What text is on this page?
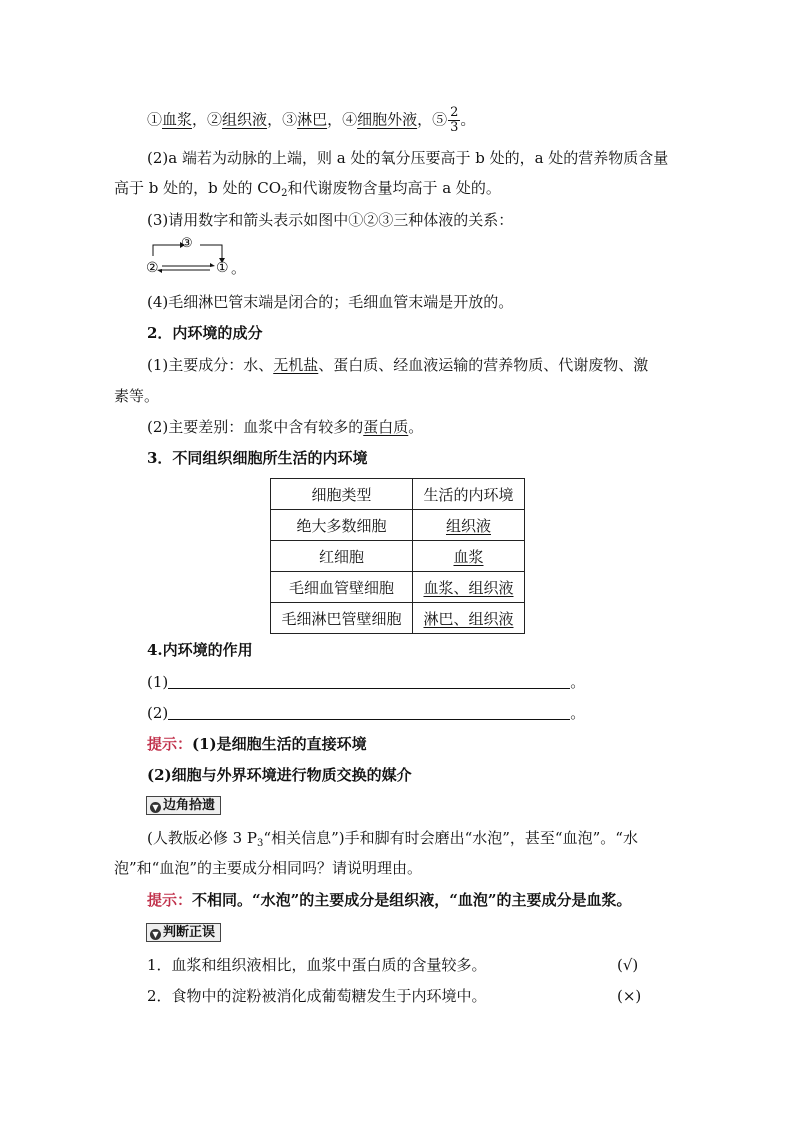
①血浆，②组织液，③淋巴，④细胞外液，⑤ $\frac{2}{3}$ 。
(2)a 端若为动脉的上端，则 a 处的氧分压要高于 b 处的，a 处的营养物质含量
高于 b 处的，b 处的 $CO_2$和代谢废物含量均高于 a 处的。
(3)请用数字和箭头表示如图中①②③三种体液的关系：
③
②	① 。
(4)毛细淋巴管末端是闭合的；毛细血管末端是开放的。
2．内环境的成分
(1)主要成分：水、无机盐、蛋白质、经血液运输的营养物质、代谢废物、激
素等。
(2)主要差别：血浆中含有较多的蛋白质。
3．不同组织细胞所生活的内环境
细胞类型	生活的内环境
绝大多数细胞	组织液
红细胞	血浆
毛细血管壁细胞	血浆、组织液
毛细淋巴管壁细胞	淋巴、组织液
4.内环境的作用
(1)	。
(2)	。
提示：(1)是细胞生活的直接环境
(2)细胞与外界环境进行物质交换的媒介
▼ 边角拾遗
(人教版必修 3 $P_3“$相关信息”)手和脚有时会磨出“水泡”，甚至“血泡”。“水
泡”和“血泡”的主要成分相同吗？请说明理由。
提示：不相同。“水泡”的主要成分是组织液，“血泡”的主要成分是血浆。
▼ 判断正误
1．血浆和组织液相比，血浆中蛋白质的含量较多。	(√)
2．食物中的淀粉被消化成葡萄糖发生于内环境中。	(×)
